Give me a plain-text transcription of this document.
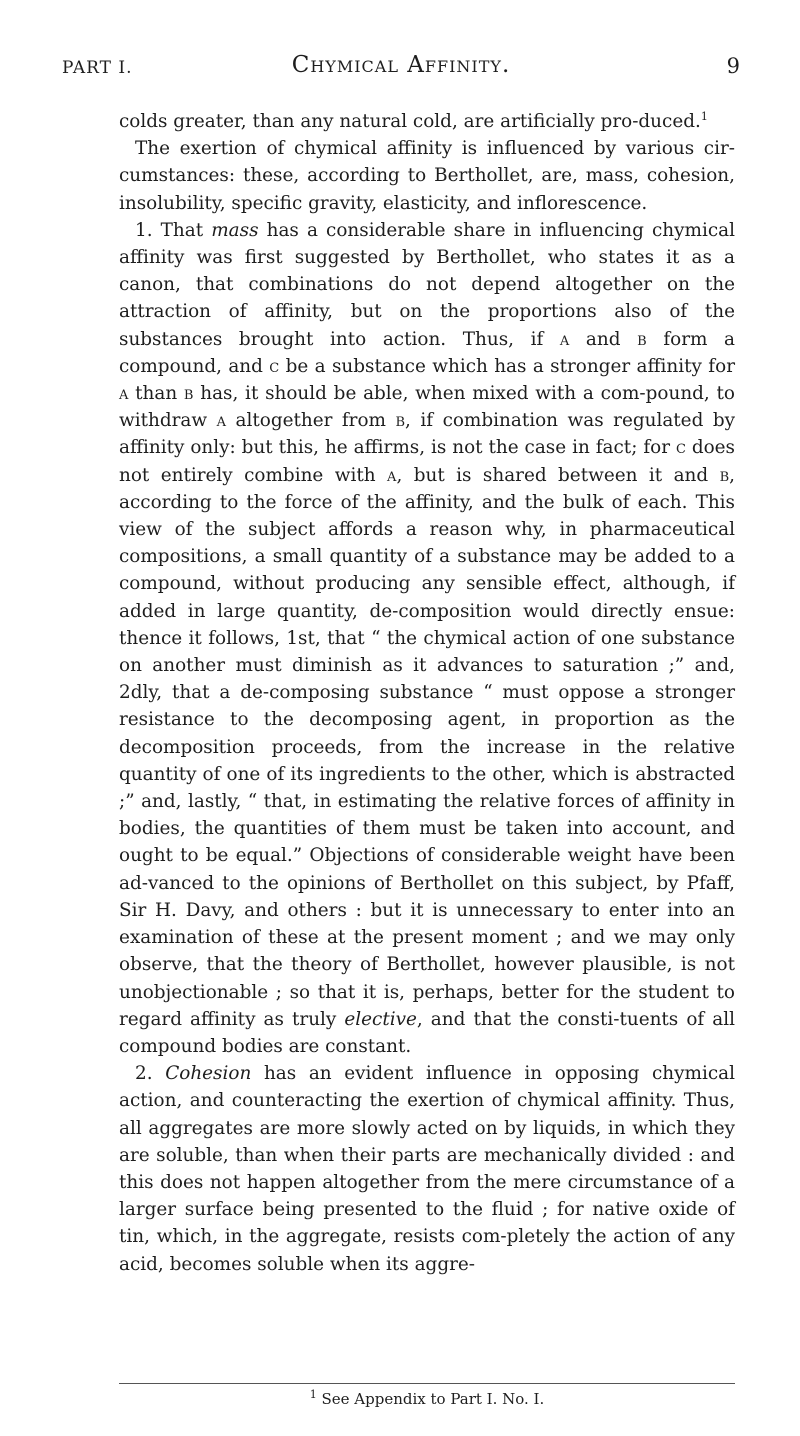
PART I.	Chymical Affinity.	9

colds greater, than any natural cold, are artificially pro-duced.$^1$

The exertion of chymical affinity is influenced by various cir-cumstances: these, according to Berthollet, are, mass, cohesion, insolubility, specific gravity, elasticity, and inflorescence.

1. That mass has a considerable share in influencing chymical affinity was first suggested by Berthollet, who states it as a canon, that combinations do not depend altogether on the attraction of affinity, but on the proportions also of the substances brought into action. Thus, if a and b form a compound, and c be a substance which has a stronger affinity for a than b has, it should be able, when mixed with a com-pound, to withdraw a altogether from b, if combination was regulated by affinity only: but this, he affirms, is not the case in fact; for c does not entirely combine with a, but is shared between it and b, according to the force of the affinity, and the bulk of each. This view of the subject affords a reason why, in pharmaceutical compositions, a small quantity of a substance may be added to a compound, without producing any sensible effect, although, if added in large quantity, de-composition would directly ensue: thence it follows, 1st, that “ the chymical action of one substance on another must diminish as it advances to saturation ;” and, 2dly, that a de-composing substance “ must oppose a stronger resistance to the decomposing agent, in proportion as the decomposition proceeds, from the increase in the relative quantity of one of its ingredients to the other, which is abstracted ;” and, lastly, “ that, in estimating the relative forces of affinity in bodies, the quantities of them must be taken into account, and ought to be equal.” Objections of considerable weight have been ad-vanced to the opinions of Berthollet on this subject, by Pfaff, Sir H. Davy, and others : but it is unnecessary to enter into an examination of these at the present moment ; and we may only observe, that the theory of Berthollet, however plausible, is not unobjectionable ; so that it is, perhaps, better for the student to regard affinity as truly elective, and that the consti-tuents of all compound bodies are constant.

2. Cohesion has an evident influence in opposing chymical action, and counteracting the exertion of chymical affinity. Thus, all aggregates are more slowly acted on by liquids, in which they are soluble, than when their parts are mechanically divided : and this does not happen altogether from the mere circumstance of a larger surface being presented to the fluid ; for native oxide of tin, which, in the aggregate, resists com-pletely the action of any acid, becomes soluble when its aggre-

$^1$ See Appendix to Part I. No. I.
